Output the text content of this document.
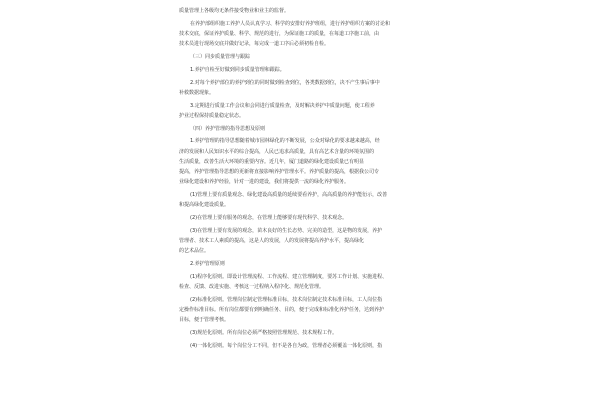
质量管理上各级均无条件接受物业和业主的监督。
在养护部组织施工养护人员认真学习、科学的安排好养护班组，进行养护组织方案的讨论和
技术交底，保证养护质量、科学、规范的进行，为保证施工的质量，在每道工序施工前，由
技术员进行现场交底并做好记录，每完成一道工序后必须初检自检。
（三）同步质量管理与跟踪
1.养护自检至好做到同步质量管理和跟踪。
2.对每个养护部位的养护到位的同时做到检查到位，各类数据到位，决不产生事后事中
补救数据现象。
3.定期进行质量工作会议和会同进行质量检查，及时解决养护中质量问题，使工程养
护业过程保持质量稳定状态。
（四）养护管理的指导思想及原则
1.养护管理的指导思想随着城市园林绿化的不断发展，公众对绿化的要求越来越高，经
济的发展和人民知识水平的综合提高，人民已追求高质量，具有高艺术含量的环境氛围的
生活质量，改善生活大环境的重要内容。近几年，厦门道路的绿化建设质量已有明显
提高，养护管理指导思想的更新将直接影响养护管理水平。养护质量的提高，根据我公司专
业绿化建设和养护经验，针对一进的建设，我们将提供一流的绿化养护服务。
(1)管理上要有质量观念、绿化建设高质量的延续要看养护，高高质量的养护能衍示，改善
和提高绿化建设质量。
(2)在管理上要有服务的观念，在管理上能够要有现代科学、技术观念。
(3)在管理上要有发展的观念，苗木良好的生长态势、完美的造型，这是物的发展，养护
管理者、技术工人素质的提高，这是人的发展，人的发展将提高养护水平，提高绿化
的艺术品位。
2.养护管理原则
(1)程序化原则。即设计管理流程、工作流程、建立管理制度，要苏工作计划、实施进程、
检查、反馈、改进实施、考核这一过程纳入程序化、规范化管理。
(2)标准化原则。管理岗位制定管理标准目标，技术岗位制定技术标准目标，工人岗位指
定操作标准目标。所有岗位都要有到明确任务、目的，便于完成和标准化养护任务，达到养护
目标，便于管理考核。
(3)规范化原则。所有岗位必须严格按照管理规范、技术规程工作。
(4)一体化原则。每个岗位分工不同，但不是各自为政，管理者必须覆盖一体化原则，指
